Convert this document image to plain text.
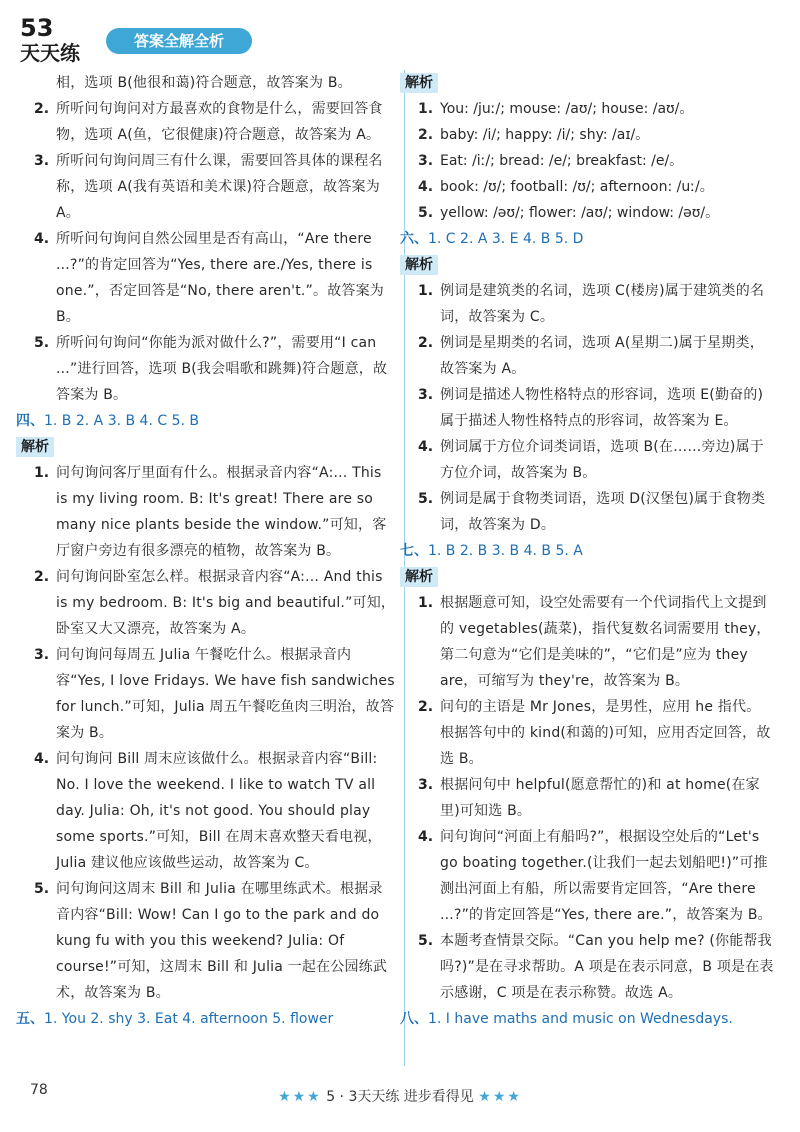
53
天天练	答案全解全析
相，选项 B(他很和蔼)符合题意，故答案为 B。
2. 所听问句询问对方最喜欢的食物是什么，需要回答食物，选项 A(鱼，它很健康)符合题意，故答案为 A。
3. 所听问句询问周三有什么课，需要回答具体的课程名称，选项 A(我有英语和美术课)符合题意，故答案为 A。
4. 所听问句询问自然公园里是否有高山，“Are there ...?”的肯定回答为“Yes, there are./Yes, there is one.”，否定回答是“No, there aren't.”。故答案为 B。
5. 所听问句询问“你能为派对做什么?”，需要用“I can ...”进行回答，选项 B(我会唱歌和跳舞)符合题意，故答案为 B。
四、1. B 2. A 3. B 4. C 5. B
解析
1. 问句询问客厅里面有什么。根据录音内容“A:... This is my living room. B: It's great! There are so many nice plants beside the window.”可知，客厅窗户旁边有很多漂亮的植物，故答案为 B。
2. 问句询问卧室怎么样。根据录音内容“A:... And this is my bedroom. B: It's big and beautiful.”可知，卧室又大又漂亮，故答案为 A。
3. 问句询问每周五 Julia 午餐吃什么。根据录音内容“Yes, I love Fridays. We have fish sandwiches for lunch.”可知，Julia 周五午餐吃鱼肉三明治，故答案为 B。
4. 问句询问 Bill 周末应该做什么。根据录音内容“Bill: No. I love the weekend. I like to watch TV all day. Julia: Oh, it's not good. You should play some sports.”可知，Bill 在周末喜欢整天看电视，Julia 建议他应该做些运动，故答案为 C。
5. 问句询问这周末 Bill 和 Julia 在哪里练武术。根据录音内容“Bill: Wow! Can I go to the park and do kung fu with you this weekend? Julia: Of course!”可知，这周末 Bill 和 Julia 一起在公园练武术，故答案为 B。
五、1. You 2. shy 3. Eat 4. afternoon 5. flower
解析
1. You: /juː/; mouse: /aʊ/; house: /aʊ/。
2. baby: /i/; happy: /i/; shy: /aɪ/。
3. Eat: /iː/; bread: /e/; breakfast: /e/。
4. book: /ʊ/; football: /ʊ/; afternoon: /uː/。
5. yellow: /əʊ/; flower: /aʊ/; window: /əʊ/。
六、1. C 2. A 3. E 4. B 5. D
解析
1. 例词是建筑类的名词，选项 C(楼房)属于建筑类的名词，故答案为 C。
2. 例词是星期类的名词，选项 A(星期二)属于星期类，故答案为 A。
3. 例词是描述人物性格特点的形容词，选项 E(勤奋的)属于描述人物性格特点的形容词，故答案为 E。
4. 例词属于方位介词类词语，选项 B(在……旁边)属于方位介词，故答案为 B。
5. 例词是属于食物类词语，选项 D(汉堡包)属于食物类词，故答案为 D。
七、1. B 2. B 3. B 4. B 5. A
解析
1. 根据题意可知，设空处需要有一个代词指代上文提到的 vegetables(蔬菜)，指代复数名词需要用 they，第二句意为“它们是美味的”，“它们是”应为 they are，可缩写为 they're，故答案为 B。
2. 问句的主语是 Mr Jones，是男性，应用 he 指代。根据答句中的 kind(和蔼的)可知，应用否定回答，故选 B。
3. 根据问句中 helpful(愿意帮忙的)和 at home(在家里)可知选 B。
4. 问句询问“河面上有船吗?”，根据设空处后的“Let's go boating together.(让我们一起去划船吧!)”可推测出河面上有船，所以需要肯定回答，“Are there ...?”的肯定回答是“Yes, there are.”，故答案为 B。
5. 本题考查情景交际。“Can you help me? (你能帮我吗?)”是在寻求帮助。A 项是在表示同意，B 项是在表示感谢，C 项是在表示称赞。故选 A。
八、1. I have maths and music on Wednesdays.
78	★★★ 5 · 3天天练 进步看得见 ★★★
